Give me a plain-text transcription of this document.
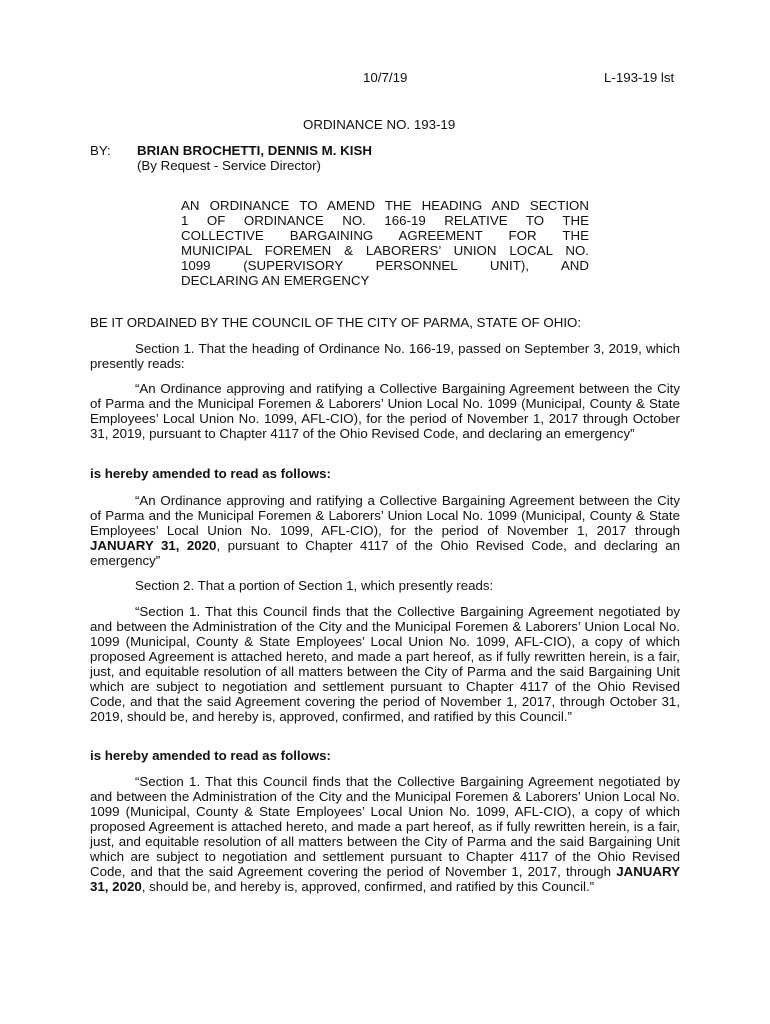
10/7/19	L-193-19 lst
ORDINANCE NO. 193-19
BY: BRIAN BROCHETTI, DENNIS M. KISH
(By Request - Service Director)
AN ORDINANCE TO AMEND THE HEADING AND SECTION
1 OF ORDINANCE NO. 166-19 RELATIVE TO THE
COLLECTIVE BARGAINING AGREEMENT FOR THE
MUNICIPAL FOREMEN & LABORERS’ UNION LOCAL NO.
1099 (SUPERVISORY PERSONNEL UNIT), AND
DECLARING AN EMERGENCY
BE IT ORDAINED BY THE COUNCIL OF THE CITY OF PARMA, STATE OF OHIO:
Section 1. That the heading of Ordinance No. 166-19, passed on September 3, 2019, which presently reads:
“An Ordinance approving and ratifying a Collective Bargaining Agreement between the City of Parma and the Municipal Foremen & Laborers’ Union Local No. 1099 (Municipal, County & State Employees’ Local Union No. 1099, AFL-CIO), for the period of November 1, 2017 through October 31, 2019, pursuant to Chapter 4117 of the Ohio Revised Code, and declaring an emergency”
is hereby amended to read as follows:
“An Ordinance approving and ratifying a Collective Bargaining Agreement between the City of Parma and the Municipal Foremen & Laborers’ Union Local No. 1099 (Municipal, County & State Employees’ Local Union No. 1099, AFL-CIO), for the period of November 1, 2017 through JANUARY 31, 2020, pursuant to Chapter 4117 of the Ohio Revised Code, and declaring an emergency”
Section 2. That a portion of Section 1, which presently reads:
“Section 1. That this Council finds that the Collective Bargaining Agreement negotiated by and between the Administration of the City and the Municipal Foremen & Laborers’ Union Local No. 1099 (Municipal, County & State Employees’ Local Union No. 1099, AFL-CIO), a copy of which proposed Agreement is attached hereto, and made a part hereof, as if fully rewritten herein, is a fair, just, and equitable resolution of all matters between the City of Parma and the said Bargaining Unit which are subject to negotiation and settlement pursuant to Chapter 4117 of the Ohio Revised Code, and that the said Agreement covering the period of November 1, 2017, through October 31, 2019, should be, and hereby is, approved, confirmed, and ratified by this Council.”
is hereby amended to read as follows:
“Section 1. That this Council finds that the Collective Bargaining Agreement negotiated by and between the Administration of the City and the Municipal Foremen & Laborers’ Union Local No. 1099 (Municipal, County & State Employees’ Local Union No. 1099, AFL-CIO), a copy of which proposed Agreement is attached hereto, and made a part hereof, as if fully rewritten herein, is a fair, just, and equitable resolution of all matters between the City of Parma and the said Bargaining Unit which are subject to negotiation and settlement pursuant to Chapter 4117 of the Ohio Revised Code, and that the said Agreement covering the period of November 1, 2017, through JANUARY 31, 2020, should be, and hereby is, approved, confirmed, and ratified by this Council.”
